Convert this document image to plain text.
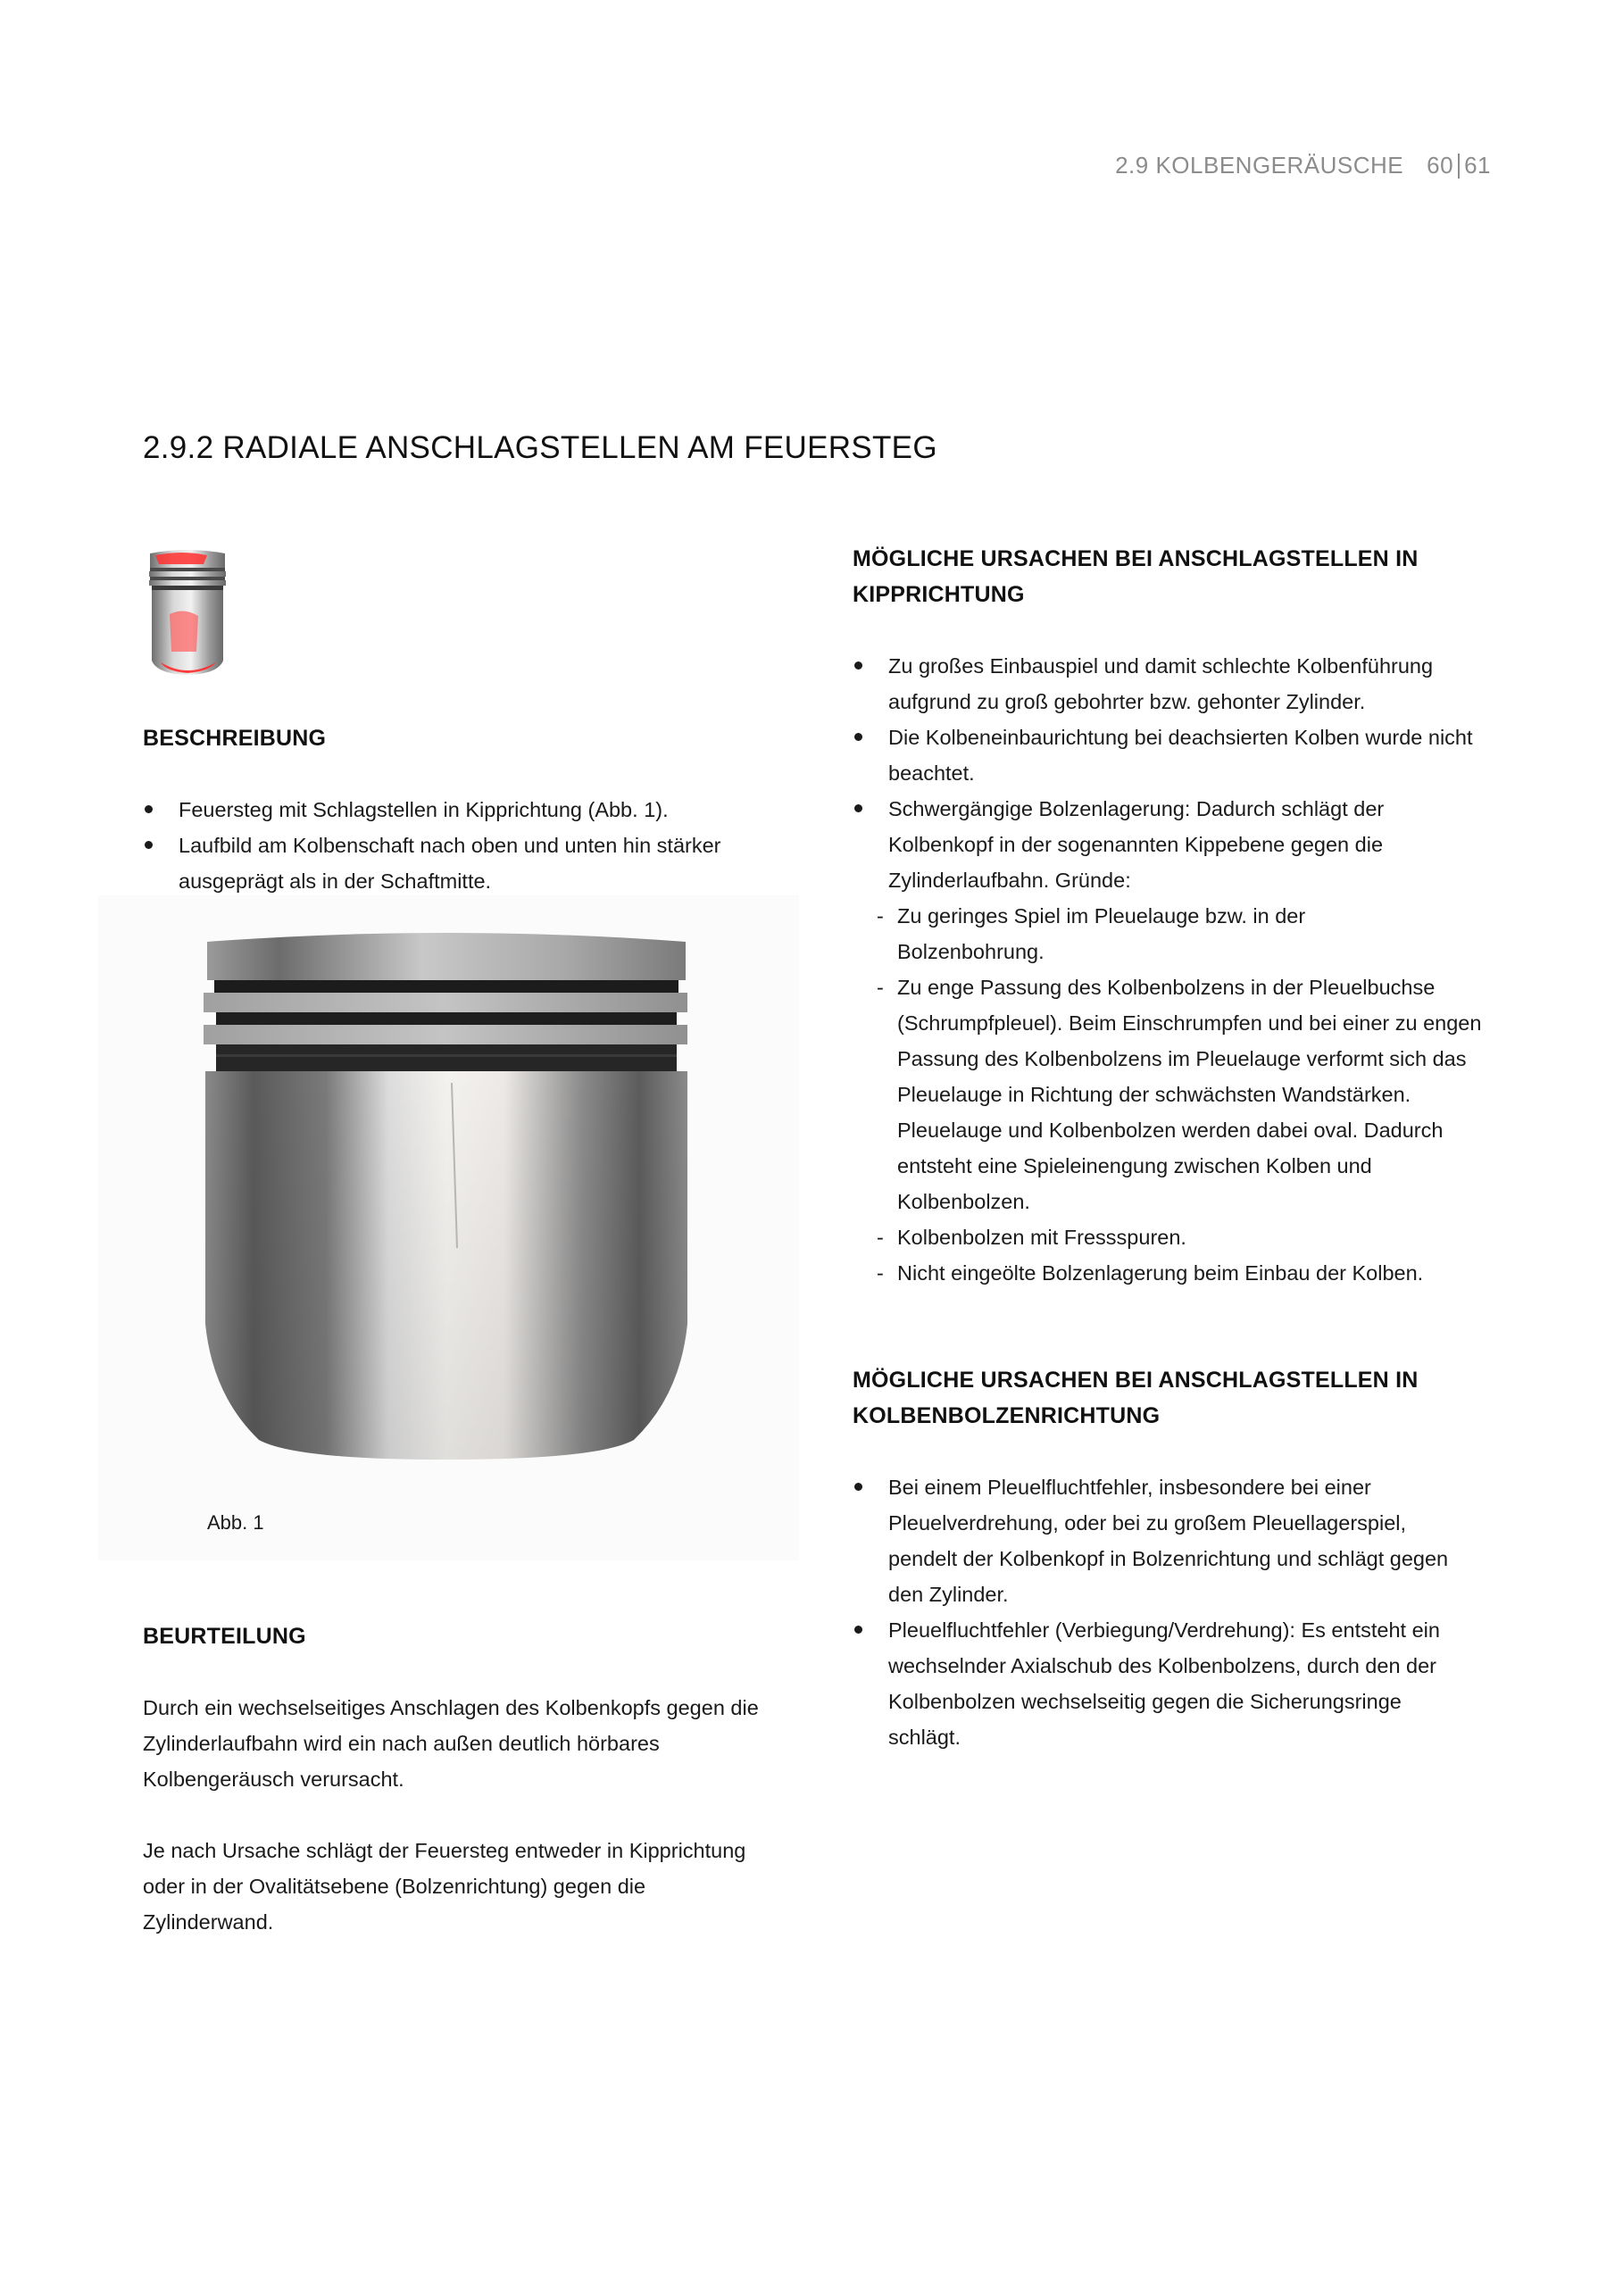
2.9 KOLBENGERÄUSCHE 60 61
2.9.2 RADIALE ANSCHLAGSTELLEN AM FEUERSTEG
BESCHREIBUNG
Feuersteg mit Schlagstellen in Kipprichtung (Abb. 1).
Laufbild am Kolbenschaft nach oben und unten hin stärker ausgeprägt als in der Schaftmitte.
Abb. 1
BEURTEILUNG

Durch ein wechselseitiges Anschlagen des Kolbenkopfs gegen die Zylinderlaufbahn wird ein nach außen deutlich hörbares Kolbengeräusch verursacht.

Je nach Ursache schlägt der Feuersteg entweder in Kipprichtung oder in der Ovalitätsebene (Bolzenrichtung) gegen die Zylinderwand.

MÖGLICHE URSACHEN BEI ANSCHLAGSTELLEN IN KIPPRICHTUNG
Zu großes Einbauspiel und damit schlechte Kolbenführung aufgrund zu groß gebohrter bzw. gehonter Zylinder.
Die Kolbeneinbaurichtung bei deachsierten Kolben wurde nicht beachtet.
Schwergängige Bolzenlagerung: Dadurch schlägt der Kolbenkopf in der sogenannten Kippebene gegen die Zylinderlaufbahn. Gründe:
- Zu geringes Spiel im Pleuelauge bzw. in der Bolzenbohrung.
- Zu enge Passung des Kolbenbolzens in der Pleuelbuchse (Schrumpfpleuel). Beim Einschrumpfen und bei einer zu engen Passung des Kolbenbolzens im Pleuelauge verformt sich das Pleuelauge in Richtung der schwächsten Wandstärken. Pleuelauge und Kolbenbolzen werden dabei oval. Dadurch entsteht eine Spieleinengung zwischen Kolben und Kolbenbolzen.
- Kolbenbolzen mit Fressspuren.
- Nicht eingeölte Bolzenlagerung beim Einbau der Kolben.
MÖGLICHE URSACHEN BEI ANSCHLAGSTELLEN IN KOLBENBOLZENRICHTUNG
Bei einem Pleuelfluchtfehler, insbesondere bei einer Pleuelverdrehung, oder bei zu großem Pleuellagerspiel, pendelt der Kolbenkopf in Bolzenrichtung und schlägt gegen den Zylinder.
Pleuelfluchtfehler (Verbiegung/Verdrehung): Es entsteht ein wechselnder Axialschub des Kolbenbolzens, durch den der Kolbenbolzen wechselseitig gegen die Sicherungsringe schlägt.
